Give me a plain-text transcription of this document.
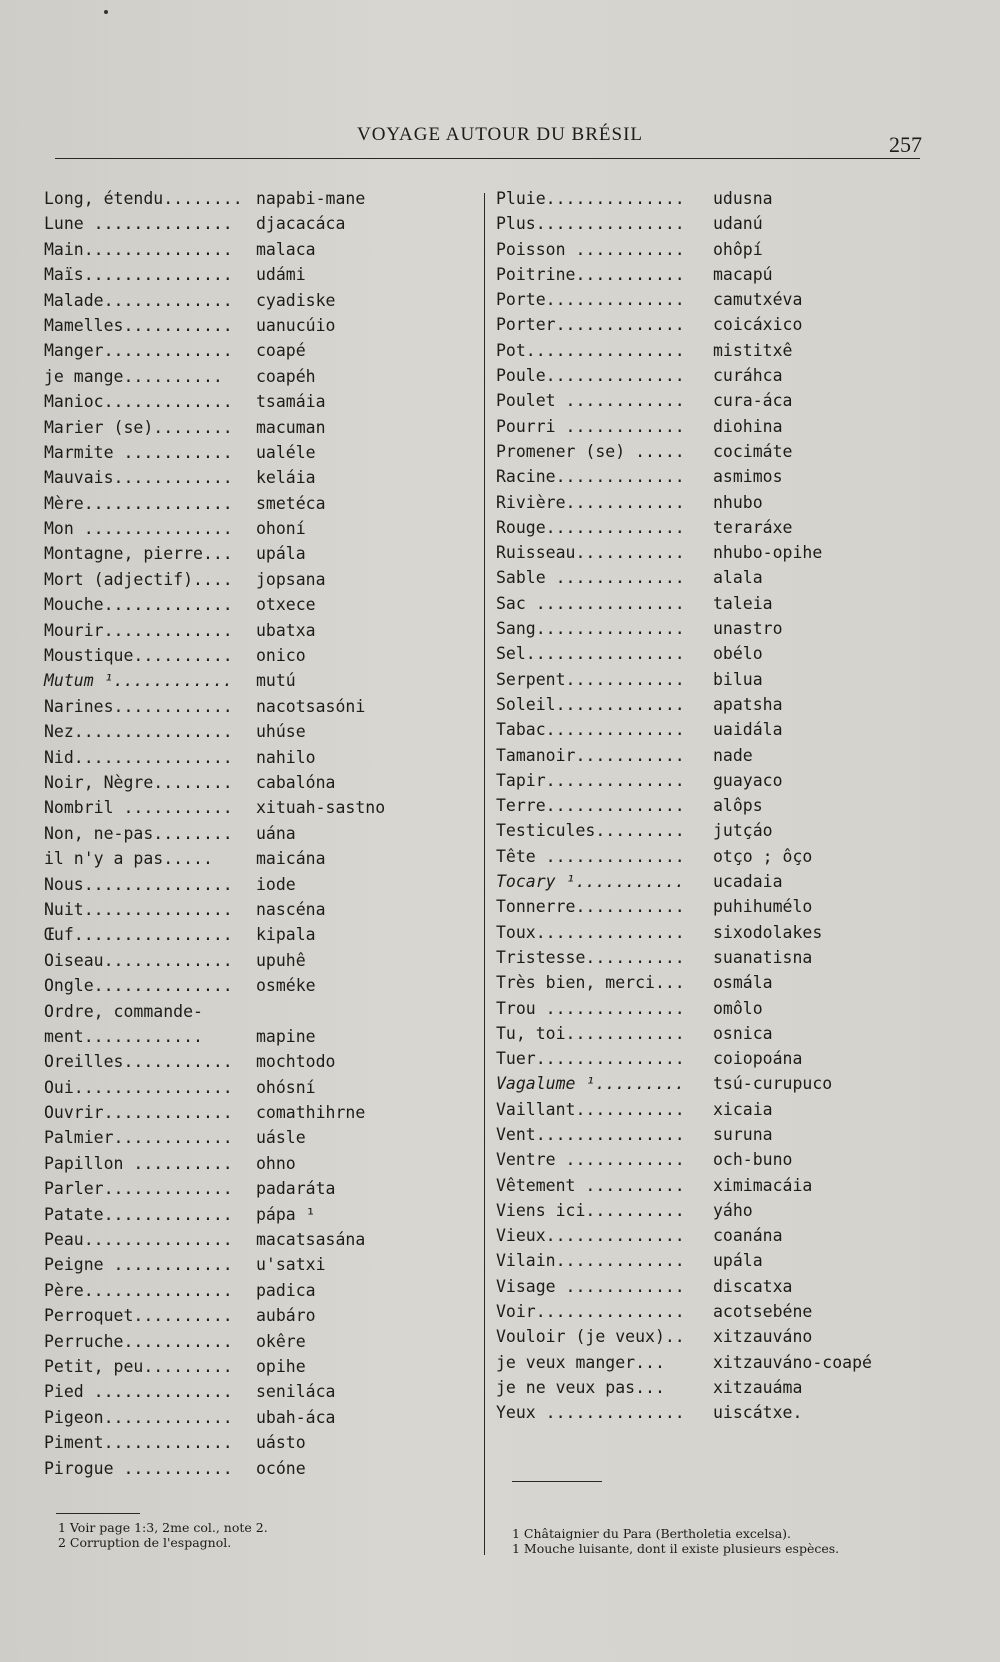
VOYAGE AUTOUR DU BRÉSIL	257
Long, étendu........ napabi-mane
Lune .............. djacacáca
Main............... malaca
Maïs............... udámi
Malade............. cyadiske
Mamelles........... uanucúio
Manger............. coapé
je mange.......... coapéh
Manioc............. tsamáia
Marier (se)........ macuman
Marmite ........... ualéle
Mauvais............ keláia
Mère............... smetéca
Mon ............... ohoní
Montagne, pierre... upála
Mort (adjectif).... jopsana
Mouche............. otxece
Mourir............. ubatxa
Moustique.......... onico
Mutum ¹............ mutú
Narines............ nacotsasóni
Nez................ uhúse
Nid................ nahilo
Noir, Nègre........ cabalóna
Nombril ........... xituah-sastno
Non, ne-pas........ uána
il n'y a pas.....	maicána
Nous............... iode
Nuit............... nascéna
Œuf................ kipala
Oiseau............. upuhê
Ongle.............. osméke
Ordre, commande-
ment............	mapine
Oreilles........... mochtodo
Oui................ ohósní
Ouvrir............. comathihrne
Palmier............ uásle
Papillon .......... ohno
Parler............. padaráta
Patate............. pápa ¹
Peau............... macatsasána
Peigne ............ u'satxi
Père............... padica
Perroquet.......... aubáro
Perruche........... okêre
Petit, peu......... opihe
Pied .............. seniláca
Pigeon............. ubah-áca
Piment............. uásto
Pirogue ........... ocóne
Pluie.............. udusna
Plus............... udanú
Poisson ........... ohôpí
Poitrine........... macapú
Porte.............. camutxéva
Porter............. coicáxico
Pot................ mistitxê
Poule.............. curáhca
Poulet ............ cura-áca
Pourri ............ diohina
Promener (se) ..... cocimáte
Racine............. asmimos
Rivière............ nhubo
Rouge.............. teraráxe
Ruisseau........... nhubo-opihe
Sable ............. alala
Sac ............... taleia
Sang............... unastro
Sel................ obélo
Serpent............ bilua
Soleil............. apatsha
Tabac.............. uaidála
Tamanoir........... nade
Tapir.............. guayaco
Terre.............. alôps
Testicules......... jutçáo
Tête .............. otço ; ôço
Tocary ¹........... ucadaia
Tonnerre........... puhihumélo
Toux............... sixodolakes
Tristesse.......... suanatisna
Très bien, merci... osmála
Trou .............. omôlo
Tu, toi............ osnica
Tuer............... coiopoána
Vagalume ¹......... tsú-curupuco
Vaillant........... xicaia
Vent............... suruna
Ventre ............ och-buno
Vêtement .......... ximimacáia
Viens ici.......... yáho
Vieux.............. coanána
Vilain............. upála
Visage ............ discatxa
Voir............... acotsebéne
Vouloir (je veux).. xitzauváno
je veux manger...	xitzauváno-coapé
je ne veux pas...	xitzauáma
Yeux .............. uiscátxe.
1 Voir page 1:3, 2me col., note 2.
2 Corruption de l'espagnol.
1 Châtaignier du Para (Bertholetia excelsa).
1 Mouche luisante, dont il existe plusieurs espèces.
